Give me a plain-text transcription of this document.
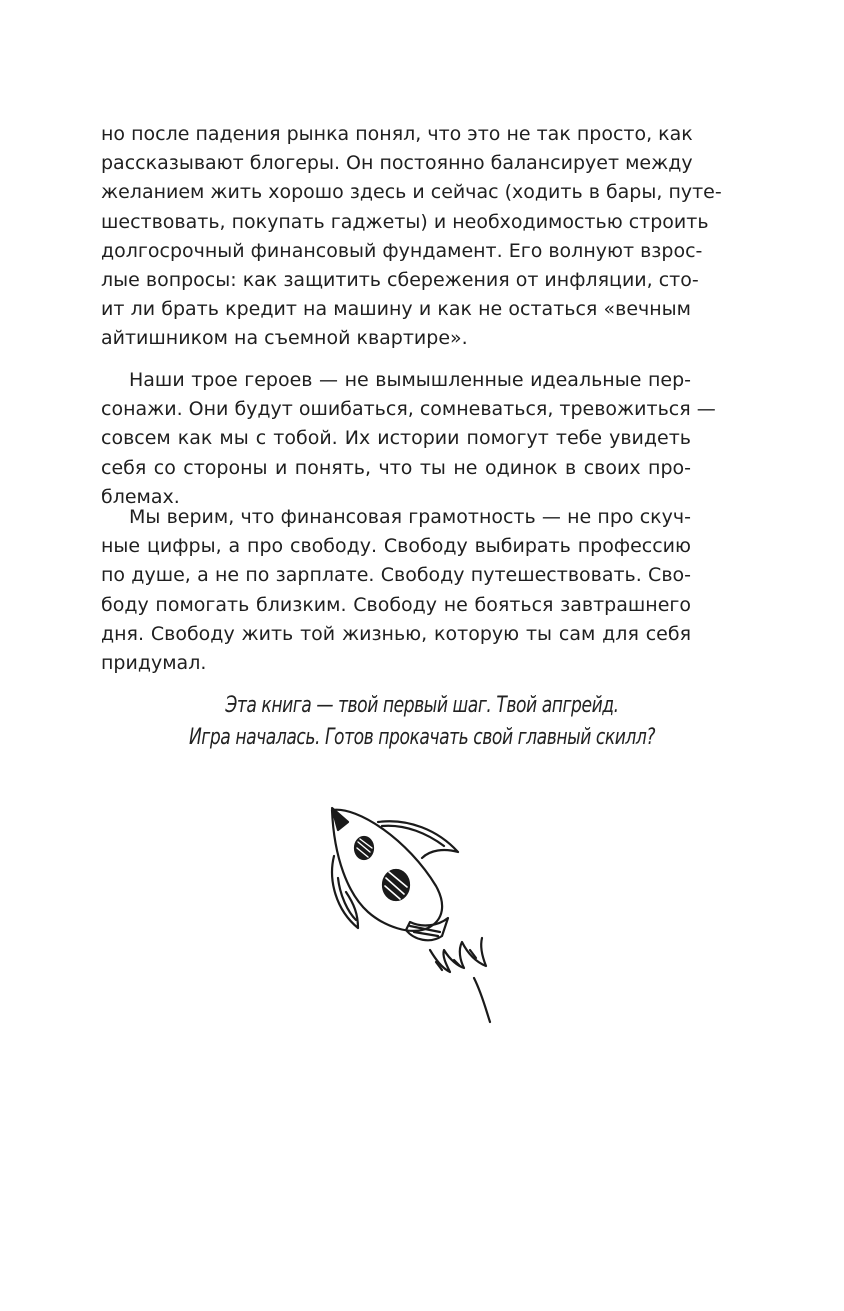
но после падения рынка понял, что это не так просто, как
рассказывают блогеры. Он постоянно балансирует между
желанием жить хорошо здесь и сейчас (ходить в бары, путе-
шествовать, покупать гаджеты) и необходимостью строить
долгосрочный финансовый фундамент. Его волнуют взрос-
лые вопросы: как защитить сбережения от инфляции, сто-
ит ли брать кредит на машину и как не остаться «вечным
айтишником на съемной квартире».
Наши трое героев — не вымышленные идеальные пер-
сонажи. Они будут ошибаться, сомневаться, тревожиться —
совсем как мы с тобой. Их истории помогут тебе увидеть
себя со стороны и понять, что ты не одинок в своих про-
блемах.
Мы верим, что финансовая грамотность — не про скуч-
ные цифры, а про свободу. Свободу выбирать профессию
по душе, а не по зарплате. Свободу путешествовать. Сво-
боду помогать близким. Свободу не бояться завтрашнего
дня. Свободу жить той жизнью, которую ты сам для себя
придумал.
Эта книга — твой первый шаг. Твой апгрейд.
Игра началась. Готов прокачать свой главный скилл?
